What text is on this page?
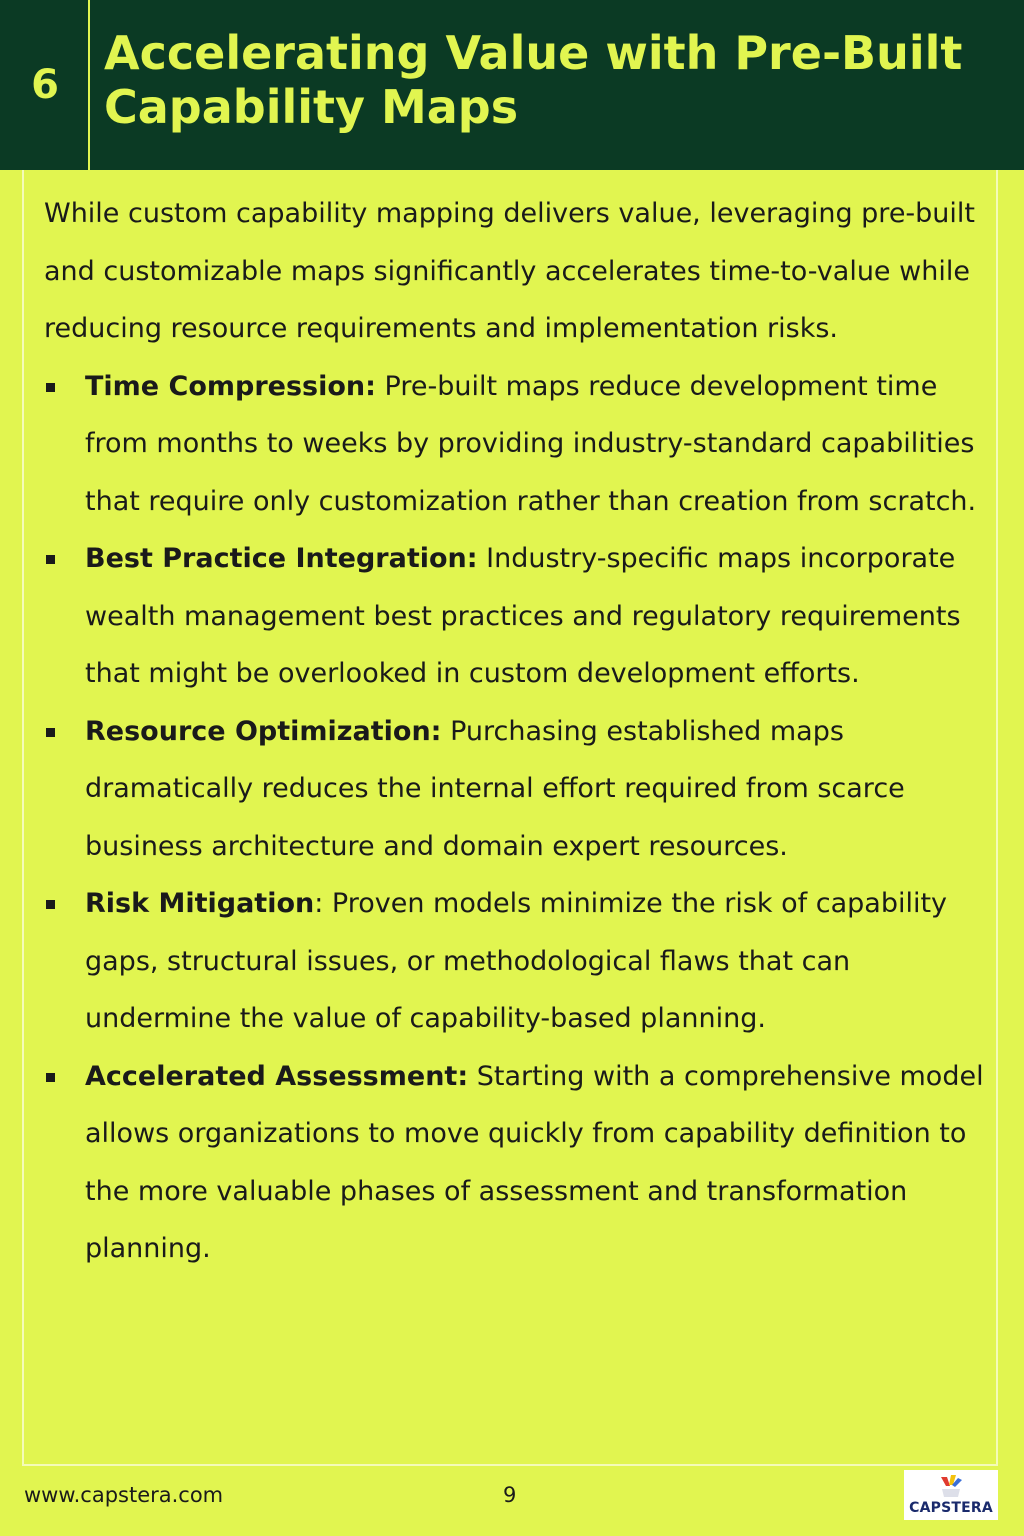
6
Accelerating Value with Pre-Built Capability Maps

While custom capability mapping delivers value, leveraging pre-built and customizable maps significantly accelerates time-to-value while reducing resource requirements and implementation risks.

Time Compression: Pre-built maps reduce development time from months to weeks by providing industry-standard capabilities that require only customization rather than creation from scratch.
Best Practice Integration: Industry-specific maps incorporate wealth management best practices and regulatory requirements that might be overlooked in custom development efforts.
Resource Optimization: Purchasing established maps dramatically reduces the internal effort required from scarce business architecture and domain expert resources.
Risk Mitigation: Proven models minimize the risk of capability gaps, structural issues, or methodological flaws that can undermine the value of capability-based planning.
Accelerated Assessment: Starting with a comprehensive model allows organizations to move quickly from capability definition to the more valuable phases of assessment and transformation planning.
www.capstera.com	9
CAPSTERA
